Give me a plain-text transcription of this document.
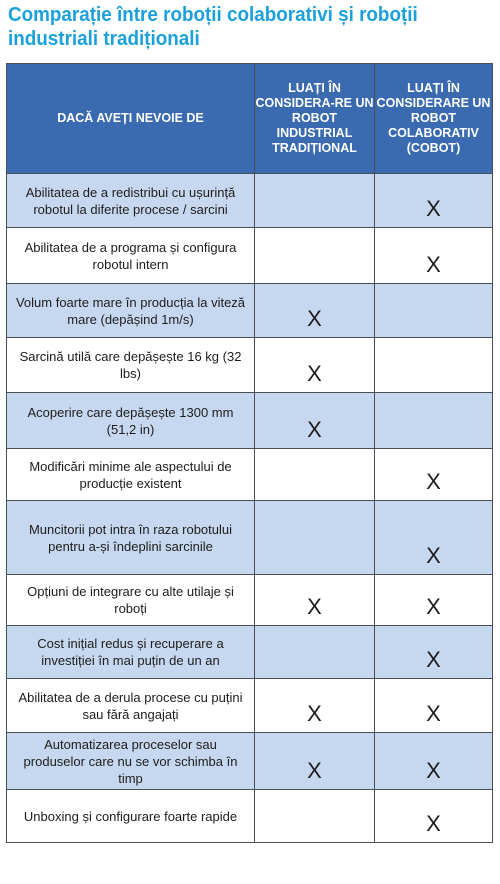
Comparație între roboții colaborativi și roboții industriali tradiționali
DACĂ AVEȚI NEVOIE DE	LUAȚI ÎN CONSIDERA-RE UN ROBOT INDUSTRIAL TRADIȚIONAL	LUAȚI ÎN CONSIDERARE UN ROBOT COLABORATIV (COBOT)
Abilitatea de a redistribui cu ușurință robotul la diferite procese / sarcini		X
Abilitatea de a programa și configura robotul intern		X
Volum foarte mare în producția la viteză mare (depășind 1m/s)	X	
Sarcină utilă care depășește 16 kg (32 lbs)	X	
Acoperire care depășește 1300 mm (51,2 in)	X	
Modificări minime ale aspectului de producție existent		X
Muncitorii pot intra în raza robotului pentru a-și îndeplini sarcinile		X
Opțiuni de integrare cu alte utilaje și roboți	X	X
Cost inițial redus și recuperare a investiției în mai puțin de un an		X
Abilitatea de a derula procese cu puțini sau fără angajați	X	X
Automatizarea proceselor sau produselor care nu se vor schimba în timp	X	X
Unboxing și configurare foarte rapide		X
